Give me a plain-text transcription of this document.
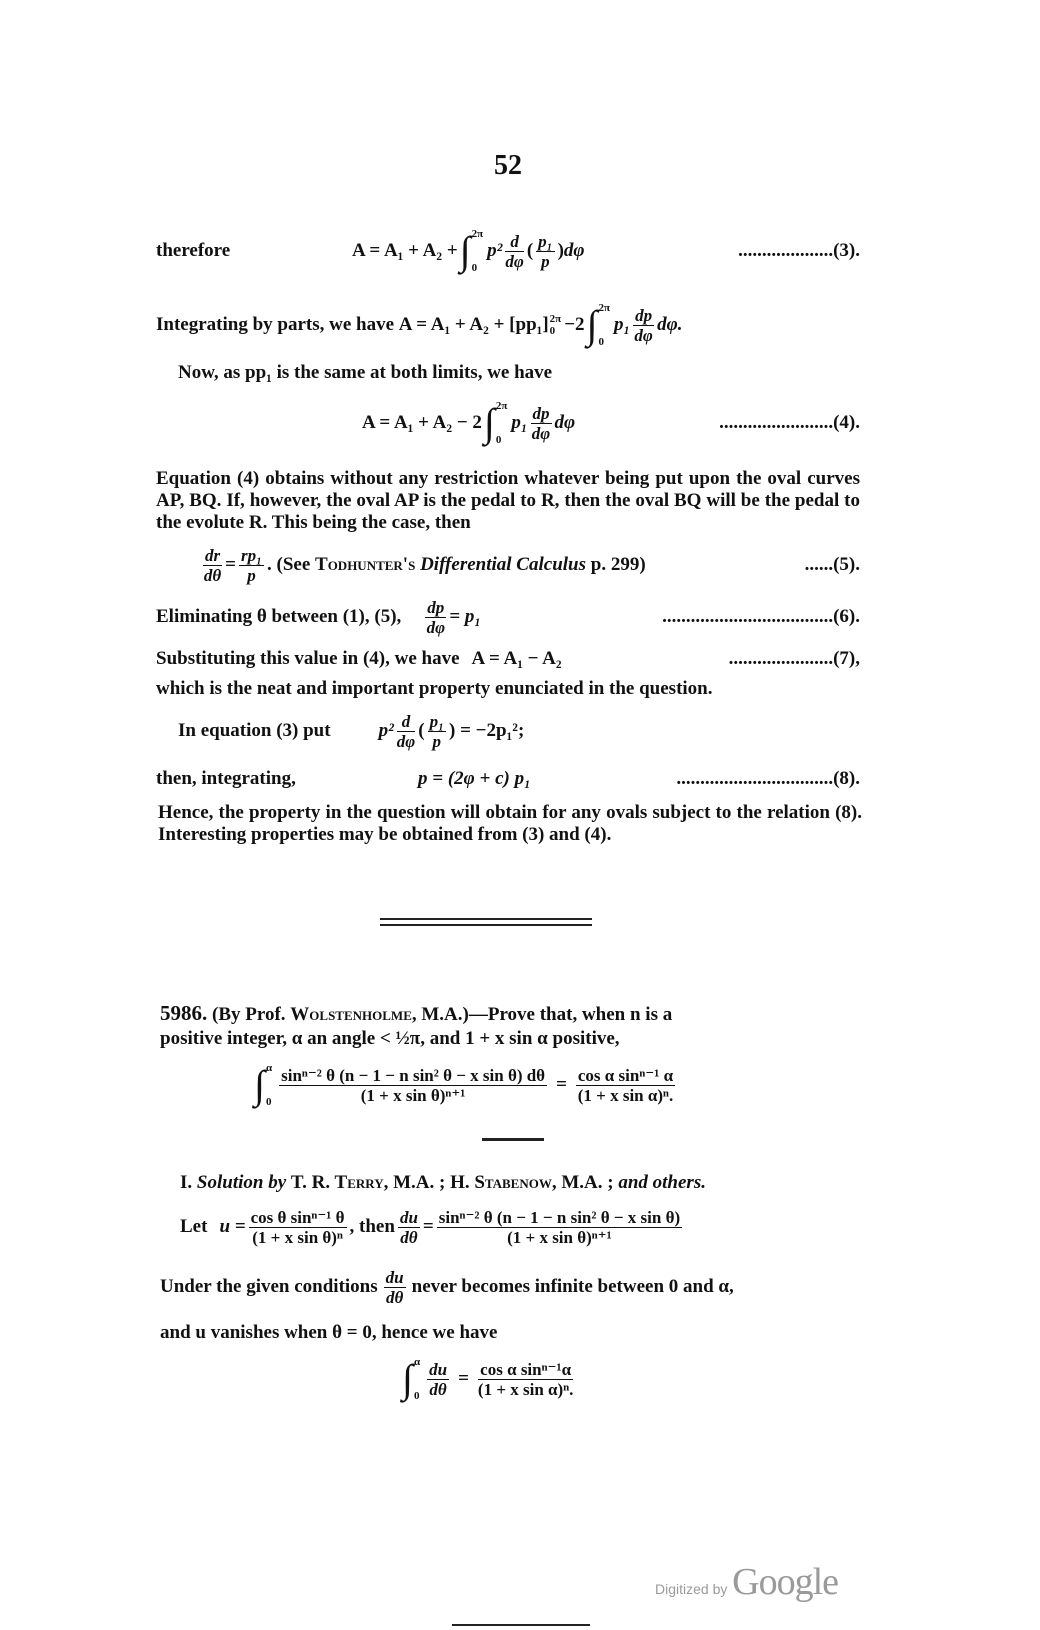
52
therefore	A = A₁ + A₂ + ∫ 2π
0
$p^2 \frac{d}{d\varphi}$ ( $\frac{\text{p₁}}{p}$ ) dφ	....................(3).
Integrating by parts, we have
A = A₁ + A₂ + [pp₁] 2π
0 −2 ∫ 2π
0
$p_1 \frac{dp}{d\varphi} d\varphi$.
Now, as pp₁ is the same at both limits, we have
A = A₁ + A₂ − 2 ∫ 2π
0
$p_1 \frac{dp}{d\varphi}$ dφ	........................(4).
Equation (4) obtains without any restriction whatever being put upon the oval curves AP, BQ. If, however, the oval AP is the pedal to R, then the oval BQ will be the pedal to the evolute R. This being the case, then
$\frac{dr}{d\theta} = \frac{\text{rp₁}}{p}$ . (See
Todhunter's
Differential Calculus
p. 299)	......(5).
Eliminating θ between (1), (5), $\frac{dp}{d\varphi} = p_1$	....................................(6).
Substituting this value in (4), we have A = A₁ − A₂	......................(7),
which is the neat and important property enunciated in the question.
In equation (3) put	$p^2 \frac{d}{d\varphi}$ ( $\frac{\text{p₁}}{p}$ )
= −2p₁²;
then, integrating,	p = (2φ + c) p₁	.................................(8).
Hence, the property in the question will obtain for any ovals subject to the relation (8). Interesting properties may be obtained from (3) and (4).
5986. (By Prof. Wolstenholme, M.A.)—Prove that, when n is a
positive integer, α an angle < ½π, and 1 + x sin α positive,
∫ α
$0 \frac{\text{sinⁿ⁻² θ (n − 1 − n sin² θ − x sin θ) dθ}}{\text{(1 + x sin θ)ⁿ⁺¹}} = \frac{\text{cos α sinⁿ⁻¹ α}}{\text{(1 + x sin α)ⁿ.}}$
I. Solution by T. R. Terry, M.A. ; H. Stabenow, M.A. ; and others.
Let $u = \frac{\text{cos θ sinⁿ⁻¹ θ}}{\text{(1 + x sin θ)ⁿ}}$ , then $\frac{du}{d\theta} = \frac{\text{sinⁿ⁻² θ (n − 1 − n sin² θ − x sin θ)}}{\text{(1 + x sin θ)ⁿ⁺¹}}$
Under the given conditions $\frac{du}{d\theta}$ never becomes infinite between 0 and α,
and u vanishes when θ = 0, hence we have
∫ α
$0 \frac{du}{d\theta} = \frac{\text{cos α sinⁿ⁻¹α}}{\text{(1 + x sin α)ⁿ.}}$
Digitized by Google
